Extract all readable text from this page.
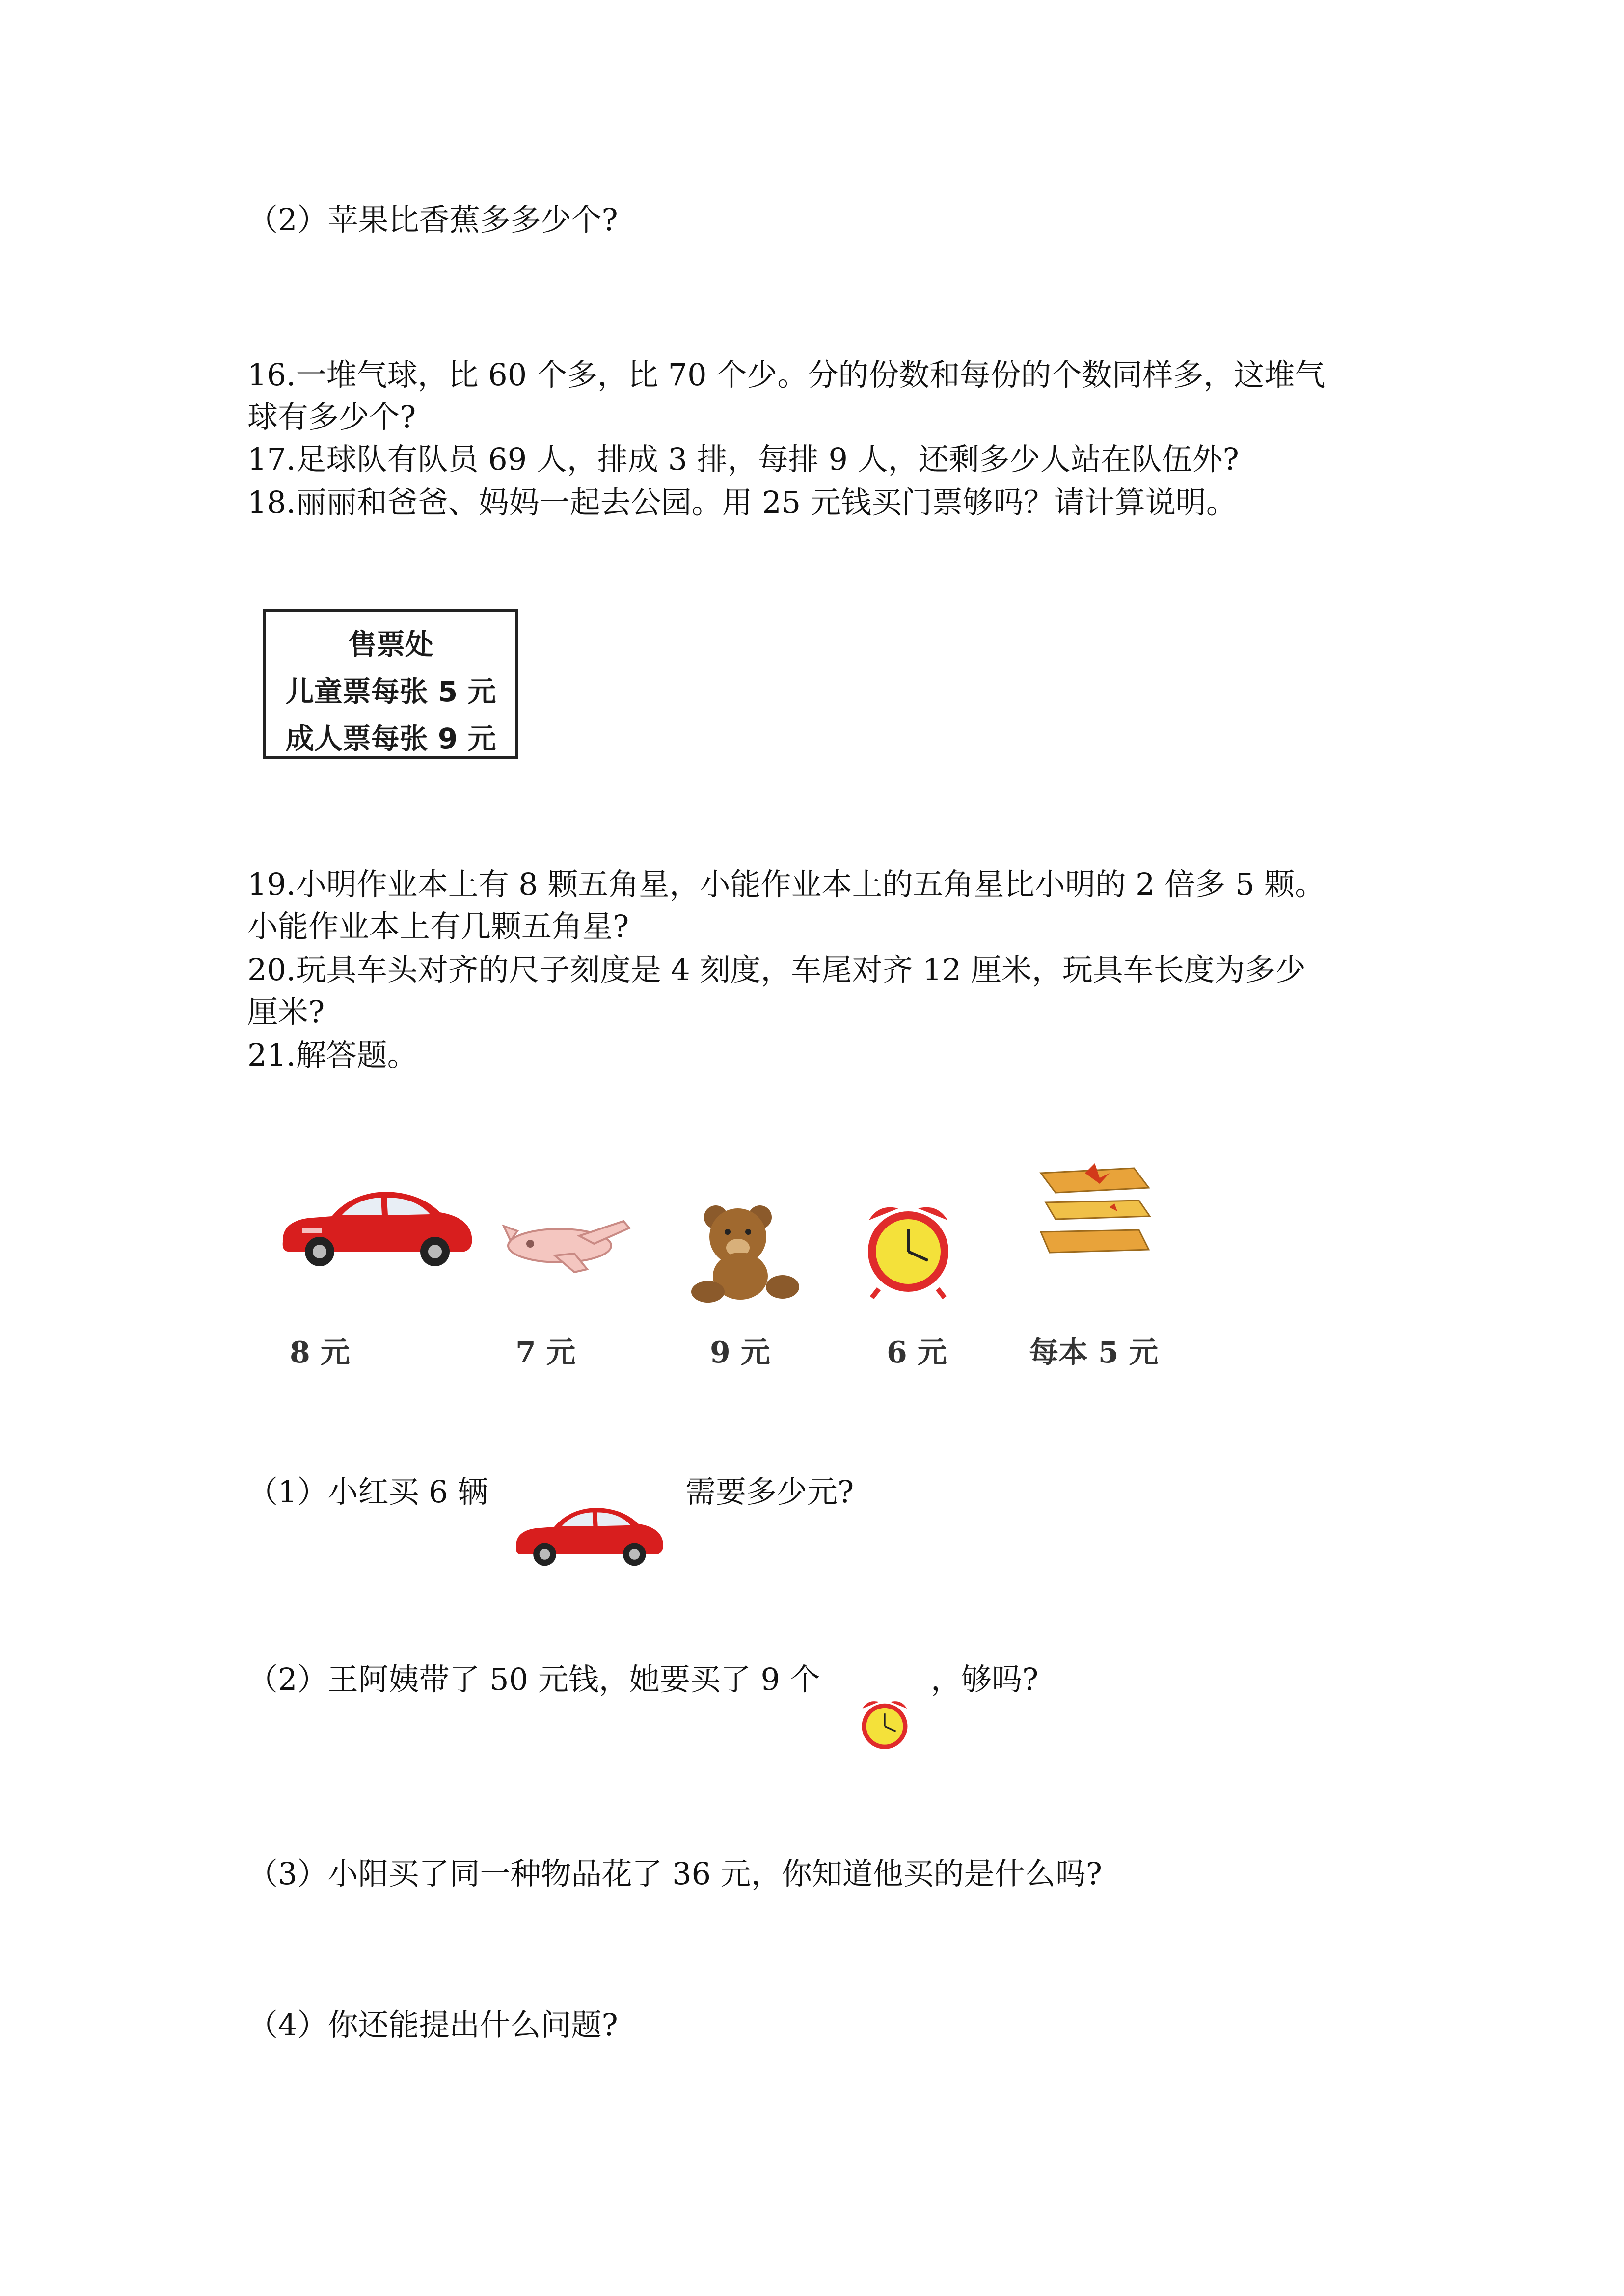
（2）苹果比香蕉多多少个?
16.一堆气球，比 60 个多，比 70 个少。分的份数和每份的个数同样多，这堆气
球有多少个?
17.足球队有队员 69 人，排成 3 排，每排 9 人，还剩多少人站在队伍外?
18.丽丽和爸爸、妈妈一起去公园。用 25 元钱买门票够吗？请计算说明。
售票处
儿童票每张 5 元
成人票每张 9 元
19.小明作业本上有 8 颗五角星，小能作业本上的五角星比小明的 2 倍多 5 颗。
小能作业本上有几颗五角星?
20.玩具车头对齐的尺子刻度是 4 刻度，车尾对齐 12 厘米，玩具车长度为多少
厘米?
21.解答题。
8 元	7 元	9 元	6 元	每本 5 元
（1）小红买 6 辆	需要多少元?
（2）王阿姨带了 50 元钱，她要买了 9 个	，够吗?
（3）小阳买了同一种物品花了 36 元，你知道他买的是什么吗?
（4）你还能提出什么问题?
